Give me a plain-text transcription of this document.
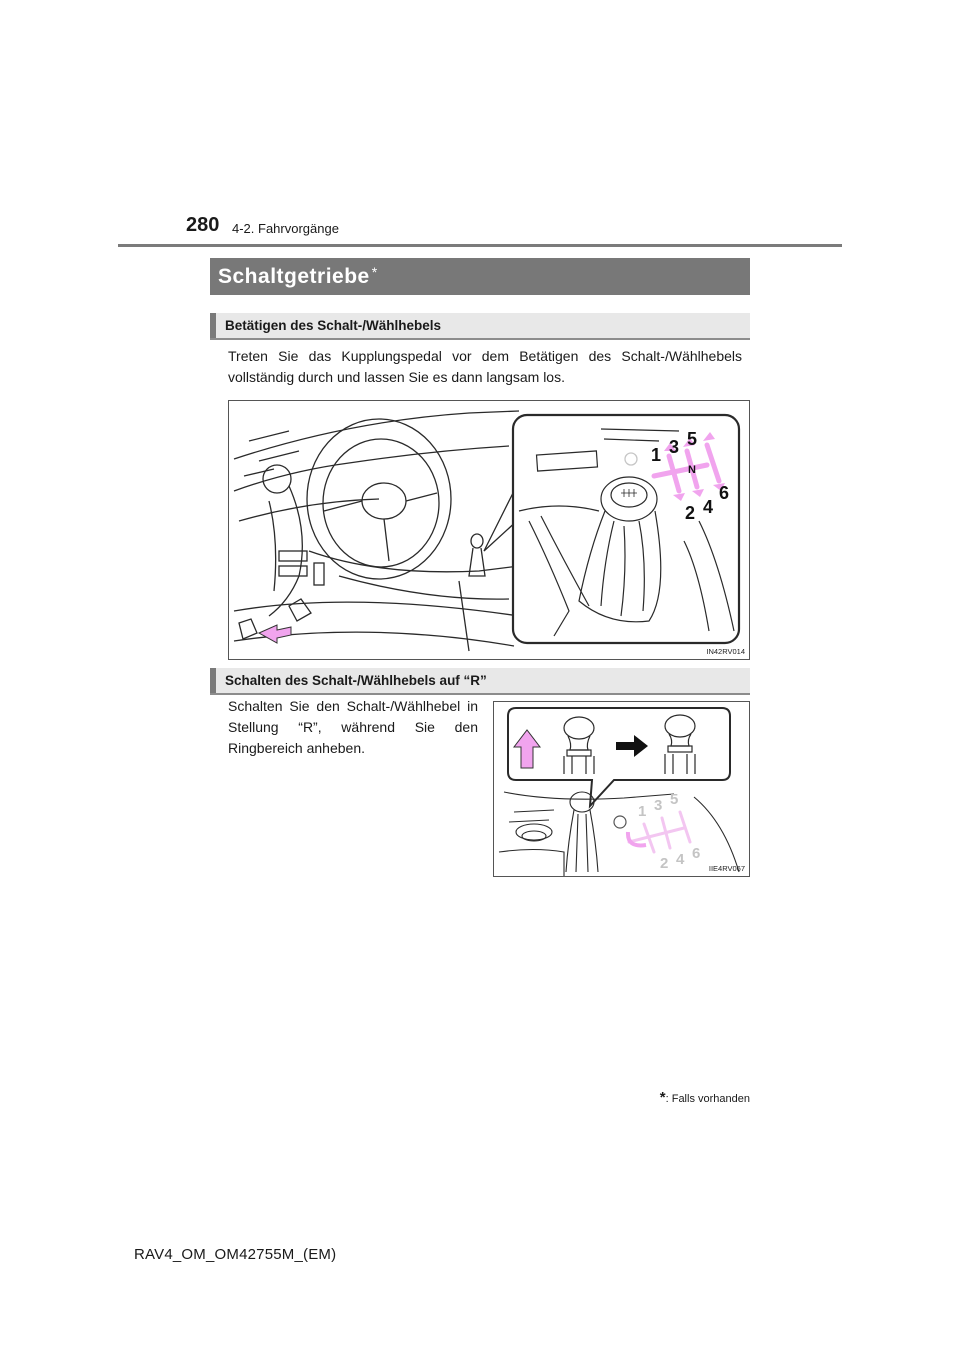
280 4-2. Fahrvorgänge
Schaltgetriebe *
Betätigen des Schalt-/Wählhebels
Treten Sie das Kupplungspedal vor dem Betätigen des Schalt-/Wählhebels vollständig durch und lassen Sie es dann langsam los.
1 3 5
N
2 4
6
IN42RV014
Schalten des Schalt-/Wählhebels auf “R”
Schalten Sie den Schalt-/Wählhebel in Stellung “R”, während Sie den Ringbereich anheben.
1 3 5
2 4 6
IIE4RV067
*: Falls vorhanden
RAV4_OM_OM42755M_(EM)
